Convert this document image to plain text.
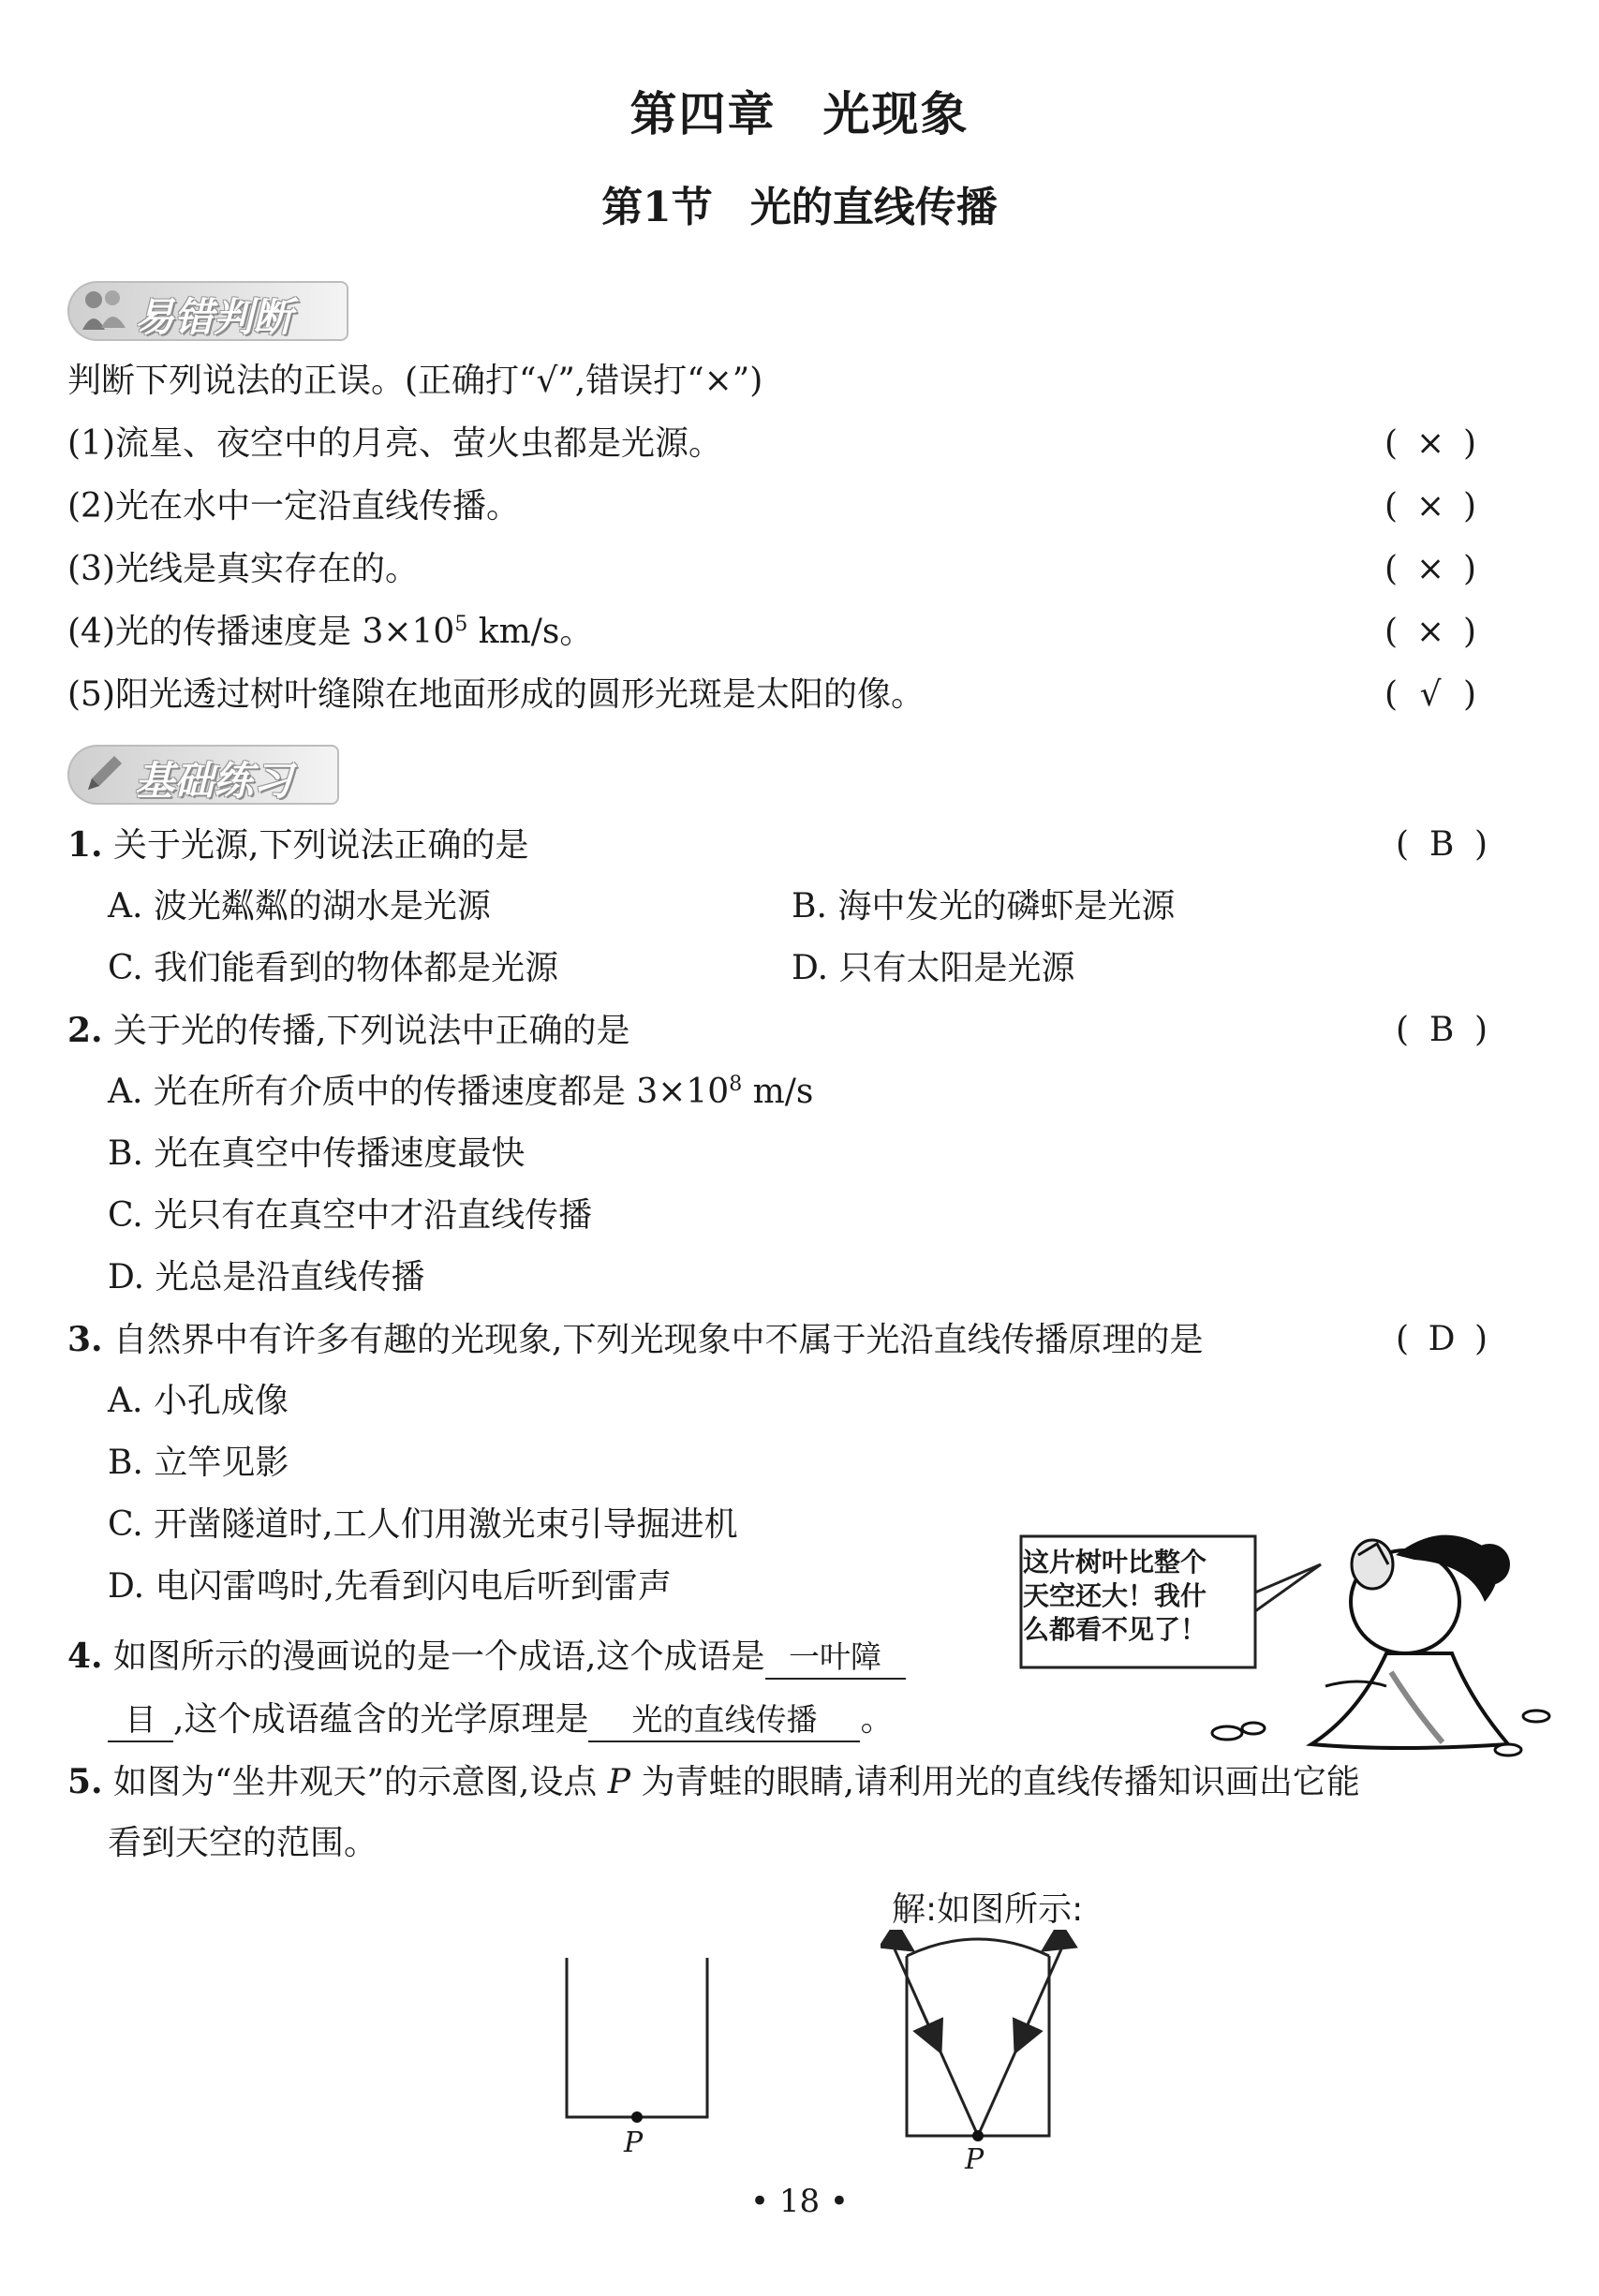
第四章 光现象
第1节 光的直线传播
易错判断
判断下列说法的正误。(正确打“√”,错误打“×”)
(1)流星、夜空中的月亮、萤火虫都是光源。	( × )
(2)光在水中一定沿直线传播。	( × )
(3)光线是真实存在的。	( × )
(4)光的传播速度是 $3\times 10^5$ km/s。	( × )
(5)阳光透过树叶缝隙在地面形成的圆形光斑是太阳的像。	( √ )
基础练习
1. 关于光源,下列说法正确的是	( B )
A. 波光粼粼的湖水是光源	B. 海中发光的磷虾是光源
C. 我们能看到的物体都是光源	D. 只有太阳是光源
2. 关于光的传播,下列说法中正确的是	( B )
A. 光在所有介质中的传播速度都是 $3\times 10^8$ m/s
B. 光在真空中传播速度最快
C. 光只有在真空中才沿直线传播
D. 光总是沿直线传播
3. 自然界中有许多有趣的光现象,下列光现象中不属于光沿直线传播原理的是	( D )
A. 小孔成像
B. 立竿见影
C. 开凿隧道时,工人们用激光束引导掘进机
D. 电闪雷鸣时,先看到闪电后听到雷声
4. 如图所示的漫画说的是一个成语,这个成语是 一叶障
目 ,这个成语蕴含的光学原理是 光的直线传播 。
这片树叶比整个
天空还大！我什
么都看不见了！
5. 如图为“坐井观天”的示意图,设点 P 为青蛙的眼睛,请利用光的直线传播知识画出它能
看到天空的范围。
解:如图所示:
P
P
• 18 •
